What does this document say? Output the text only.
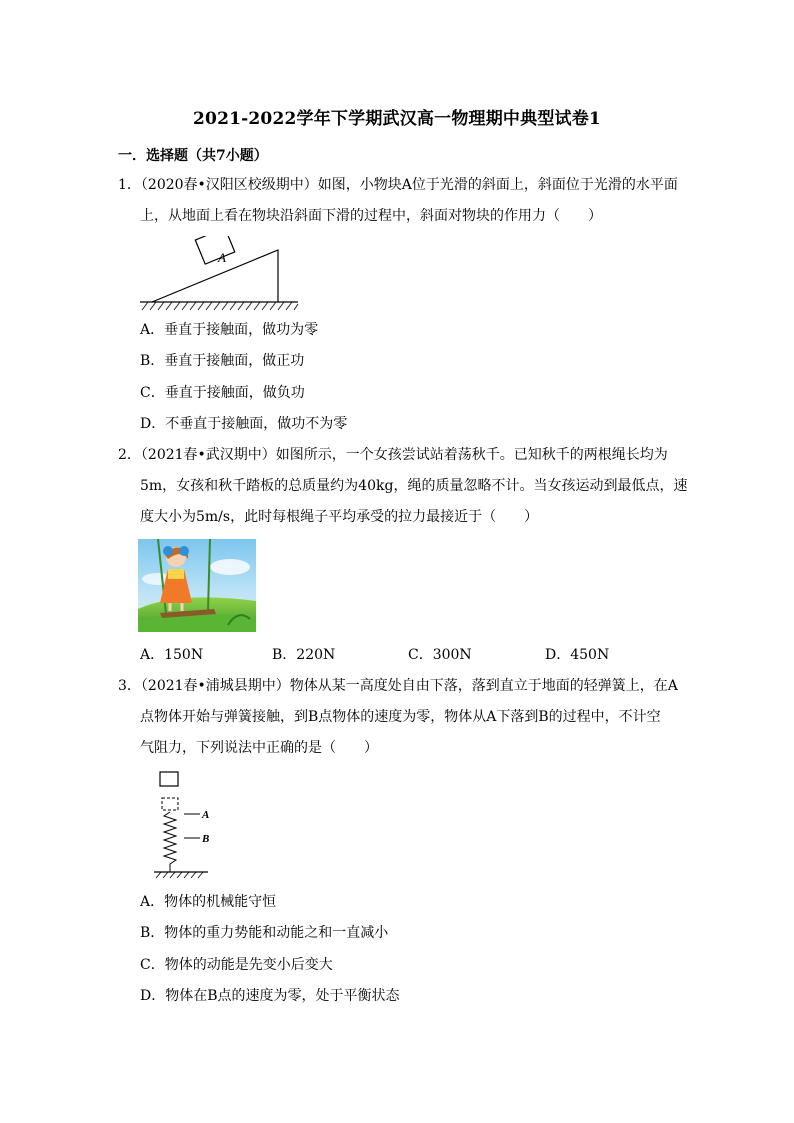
2021-2022学年下学期武汉高一物理期中典型试卷1
一．选择题（共7小题）
1．（2020春•汉阳区校级期中）如图，小物块A位于光滑的斜面上，斜面位于光滑的水平面
上，从地面上看在物块沿斜面下滑的过程中，斜面对物块的作用力（　　）
A
A．垂直于接触面，做功为零
B．垂直于接触面，做正功
C．垂直于接触面，做负功
D．不垂直于接触面，做功不为零
2．（2021春•武汉期中）如图所示，一个女孩尝试站着荡秋千。已知秋千的两根绳长均为
5m，女孩和秋千踏板的总质量约为40kg，绳的质量忽略不计。当女孩运动到最低点，速
度大小为5m/s，此时每根绳子平均承受的拉力最接近于（　　）
A．150N	B．220N	C．300N	D．450N
3．（2021春•浦城县期中）物体从某一高度处自由下落，落到直立于地面的轻弹簧上，在A
点物体开始与弹簧接触，到B点物体的速度为零，物体从A下落到B的过程中，不计空
气阻力，下列说法中正确的是（　　）
A
B
A．物体的机械能守恒
B．物体的重力势能和动能之和一直减小
C．物体的动能是先变小后变大
D．物体在B点的速度为零，处于平衡状态
